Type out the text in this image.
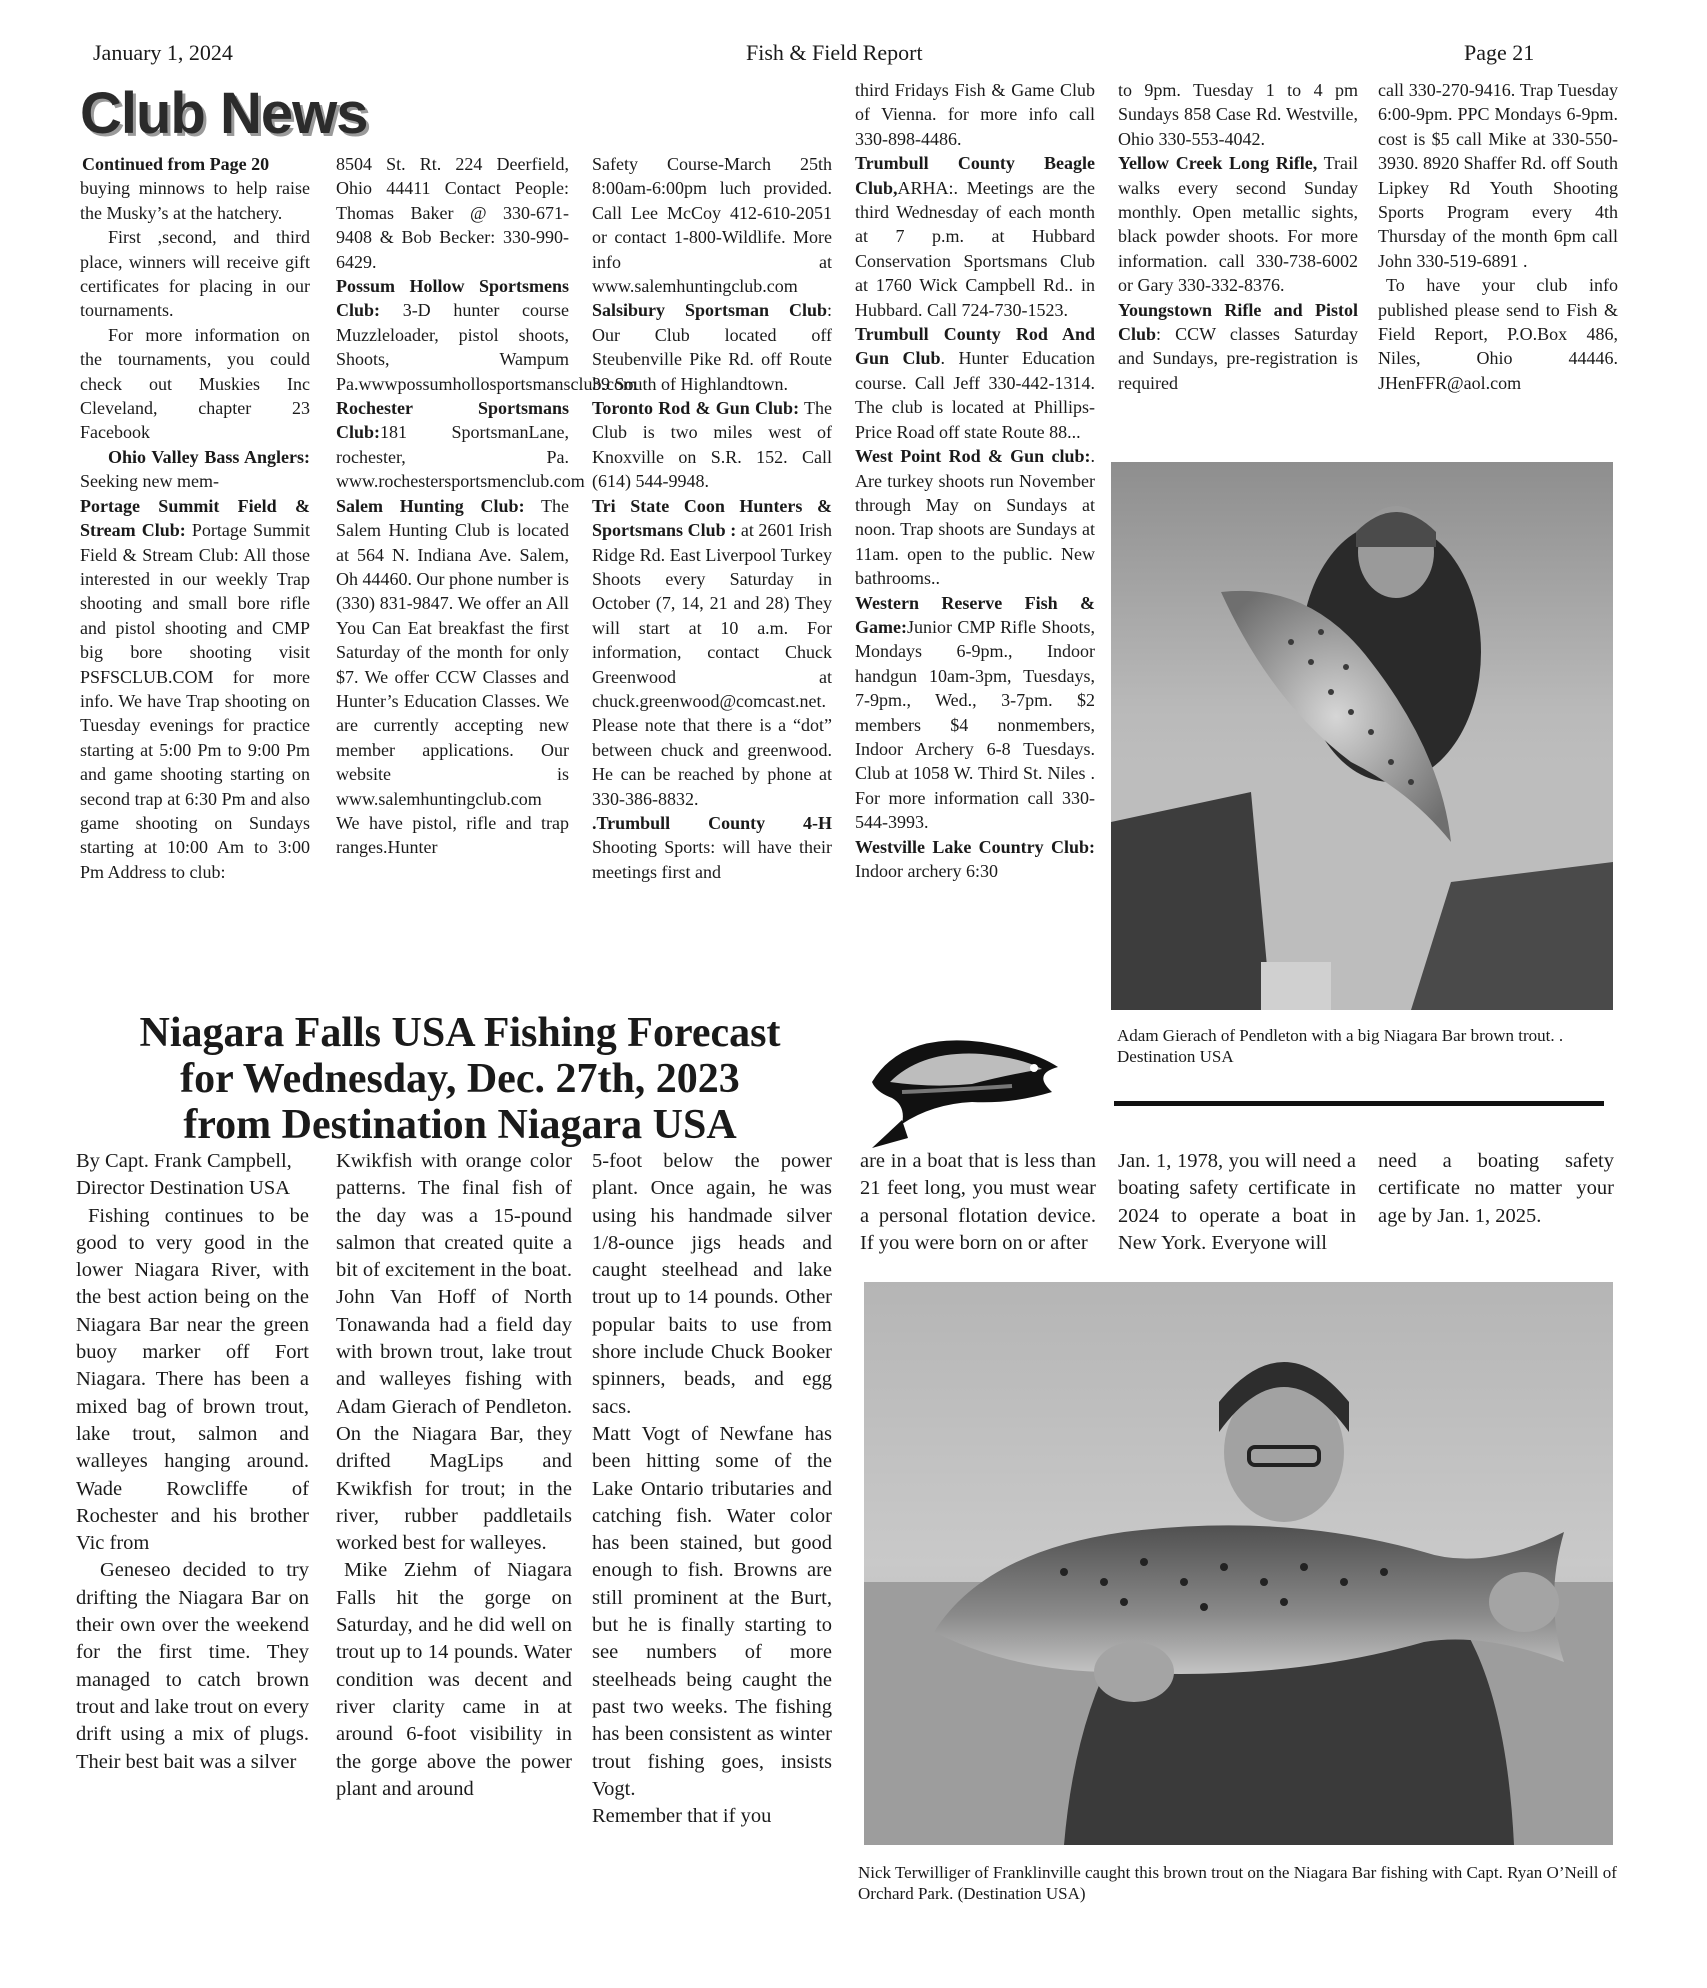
January 1, 2024	Fish & Field Report	Page 21
Club News

Continued from Page 20

buying minnows to help raise the Musky’s at the hatchery.

First ,second, and third place, winners will receive gift certificates for placing in our tournaments.

For more information on the tournaments, you could check out Muskies Inc Cleveland, chapter 23 Facebook

Ohio Valley Bass Anglers: Seeking new mem-

Portage Summit Field & Stream Club: Portage Summit Field & Stream Club: All those interested in our weekly Trap shooting and small bore rifle and pistol shooting and CMP big bore shooting visit PSFSCLUB.COM for more info. We have Trap shooting on Tuesday evenings for practice starting at 5:00 Pm to 9:00 Pm and game shooting starting on second trap at 6:30 Pm and also game shooting on Sundays starting at 10:00 Am to 3:00 Pm Address to club:

8504 St. Rt. 224 Deerfield, Ohio 44411 Contact People: Thomas Baker @ 330-671-9408 & Bob Becker: 330-990-6429.

Possum Hollow Sportsmens Club: 3-D hunter course Muzzleloader, pistol shoots, Shoots, Wampum Pa.wwwpossumhollosportsmansclub.com

Rochester Sportsmans Club:181 SportsmanLane, rochester, Pa. www.rochestersportsmenclub.com

Salem Hunting Club: The Salem Hunting Club is located at 564 N. Indiana Ave. Salem, Oh 44460. Our phone number is (330) 831-9847. We offer an All You Can Eat breakfast the first Saturday of the month for only $7. We offer CCW Classes and Hunter’s Education Classes. We are currently accepting new member applications. Our website is www.salemhuntingclub.com We have pistol, rifle and trap ranges.Hunter

Safety Course-March 25th 8:00am-6:00pm luch provided. Call Lee McCoy 412-610-2051 or contact 1-800-Wildlife. More info at www.salemhuntingclub.com

Salsibury Sportsman Club: Our Club located off Steubenville Pike Rd. off Route 39 South of Highlandtown.

Toronto Rod & Gun Club: The Club is two miles west of Knoxville on S.R. 152. Call (614) 544-9948.

Tri State Coon Hunters & Sportsmans Club : at 2601 Irish Ridge Rd. East Liverpool Turkey Shoots every Saturday in October (7, 14, 21 and 28) They will start at 10 a.m. For information, contact Chuck Greenwood at chuck.greenwood@comcast.net. Please note that there is a “dot” between chuck and greenwood. He can be reached by phone at 330-386-8832.

.Trumbull County 4-H Shooting Sports: will have their meetings first and

third Fridays Fish & Game Club of Vienna. for more info call 330-898-4486.

Trumbull County Beagle Club,ARHA:. Meetings are the third Wednesday of each month at 7 p.m. at Hubbard Conservation Sportsmans Club at 1760 Wick Campbell Rd.. in Hubbard. Call 724-730-1523.

Trumbull County Rod And Gun Club. Hunter Education course. Call Jeff 330-442-1314. The club is located at Phillips-Price Road off state Route 88...

West Point Rod & Gun club:. Are turkey shoots run November through May on Sundays at noon. Trap shoots are Sundays at 11am. open to the public. New bathrooms..

Western Reserve Fish & Game:Junior CMP Rifle Shoots, Mondays 6-9pm., Indoor handgun 10am-3pm, Tuesdays, 7-9pm., Wed., 3-7pm. $2 members $4 nonmembers, Indoor Archery 6-8 Tuesdays. Club at 1058 W. Third St. Niles . For more information call 330-544-3993.

Westville Lake Country Club: Indoor archery 6:30

to 9pm. Tuesday 1 to 4 pm Sundays 858 Case Rd. Westville, Ohio 330-553-4042.

Yellow Creek Long Rifle, Trail walks every second Sunday monthly. Open metallic sights, black powder shoots. For more information. call 330-738-6002 or Gary 330-332-8376.

Youngstown Rifle and Pistol Club: CCW classes Saturday and Sundays, pre-registration is required

call 330-270-9416. Trap Tuesday 6:00-9pm. PPC Mondays 6-9pm. cost is $5 call Mike at 330-550-3930. 8920 Shaffer Rd. off South Lipkey Rd Youth Shooting Sports Program every 4th Thursday of the month 6pm call John 330-519-6891 .

To have your club info published please send to Fish & Field Report, P.O.Box 486, Niles, Ohio 44446. JHenFFR@aol.com

Adam Gierach of Pendleton with a big Niagara Bar brown trout. . Destination USA
Niagara Falls USA Fishing Forecast
for Wednesday, Dec. 27th, 2023
from Destination Niagara USA

By Capt. Frank Campbell, Director Destination USA

Fishing continues to be good to very good in the lower Niagara River, with the best action being on the Niagara Bar near the green buoy marker off Fort Niagara. There has been a mixed bag of brown trout, lake trout, salmon and walleyes hanging around. Wade Rowcliffe of Rochester and his brother Vic from

Geneseo decided to try drifting the Niagara Bar on their own over the weekend for the first time. They managed to catch brown trout and lake trout on every drift using a mix of plugs. Their best bait was a silver

Kwikfish with orange color patterns. The final fish of the day was a 15-pound salmon that created quite a bit of excitement in the boat. John Van Hoff of North Tonawanda had a field day with brown trout, lake trout and walleyes fishing with Adam Gierach of Pendleton. On the Niagara Bar, they drifted MagLips and Kwikfish for trout; in the river, rubber paddletails worked best for walleyes.

Mike Ziehm of Niagara Falls hit the gorge on Saturday, and he did well on trout up to 14 pounds. Water condition was decent and river clarity came in at around 6-foot visibility in the gorge above the power plant and around

5-foot below the power plant. Once again, he was using his handmade silver 1/8-ounce jigs heads and caught steelhead and lake trout up to 14 pounds. Other popular baits to use from shore include Chuck Booker spinners, beads, and egg sacs.

Matt Vogt of Newfane has been hitting some of the Lake Ontario tributaries and catching fish. Water color has been stained, but good enough to fish. Browns are still prominent at the Burt, but he is finally starting to see numbers of more steelheads being caught the past two weeks. The fishing has been consistent as winter trout fishing goes, insists Vogt.

Remember that if you

are in a boat that is less than 21 feet long, you must wear a personal flotation device. If you were born on or after

Jan. 1, 1978, you will need a boating safety certificate in 2024 to operate a boat in New York. Everyone will

need a boating safety certificate no matter your age by Jan. 1, 2025.

Nick Terwilliger of Franklinville caught this brown trout on the Niagara Bar fishing with Capt. Ryan O’Neill of Orchard Park. (Destination USA)
